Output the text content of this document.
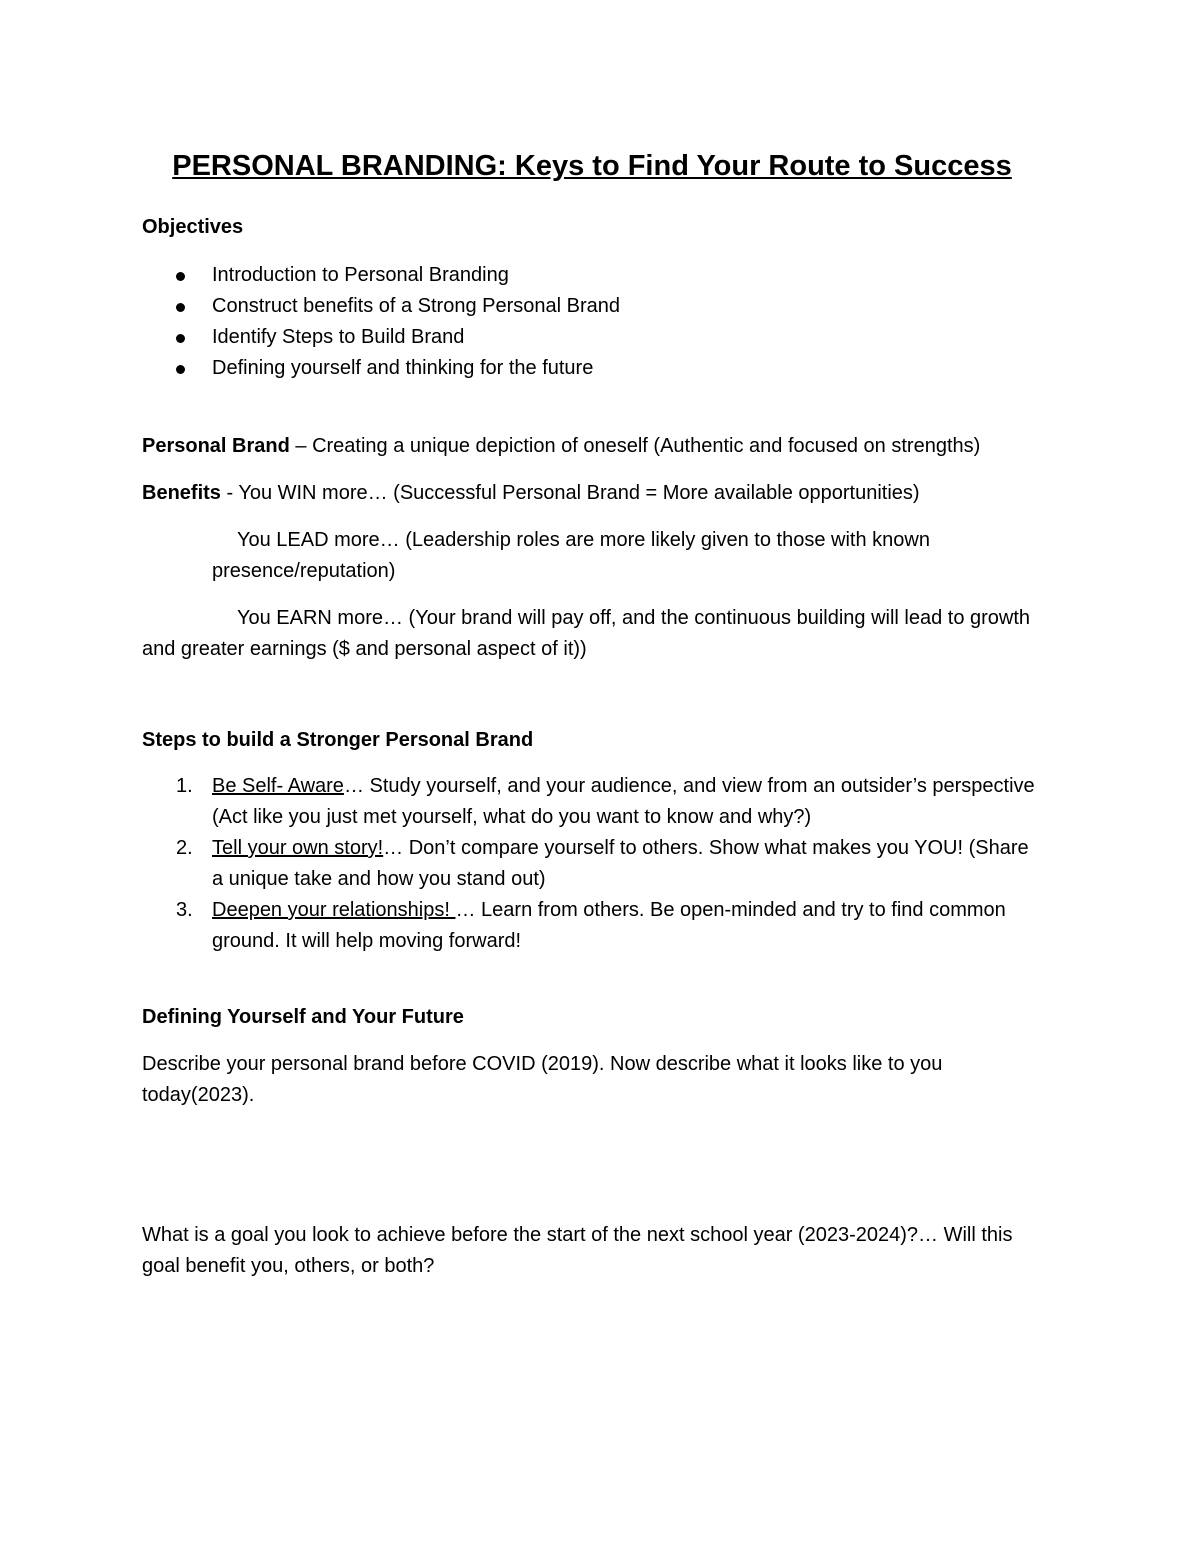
PERSONAL BRANDING: Keys to Find Your Route to Success

Objectives

Introduction to Personal Branding
Construct benefits of a Strong Personal Brand
Identify Steps to Build Brand
Defining yourself and thinking for the future

Personal Brand – Creating a unique depiction of oneself (Authentic and focused on strengths)

Benefits - You WIN more… (Successful Personal Brand = More available opportunities)

You LEAD more… (Leadership roles are more likely given to those with known presence/reputation)

You EARN more… (Your brand will pay off, and the continuous building will lead to growth and greater earnings ($ and personal aspect of it))

Steps to build a Stronger Personal Brand

1. Be Self- Aware… Study yourself, and your audience, and view from an outsider’s perspective (Act like you just met yourself, what do you want to know and why?)
2. Tell your own story!… Don’t compare yourself to others. Show what makes you YOU! (Share a unique take and how you stand out)
3. Deepen your relationships! … Learn from others. Be open-minded and try to find common ground. It will help moving forward!

Defining Yourself and Your Future

Describe your personal brand before COVID (2019). Now describe what it looks like to you today(2023).

What is a goal you look to achieve before the start of the next school year (2023-2024)?… Will this goal benefit you, others, or both?
